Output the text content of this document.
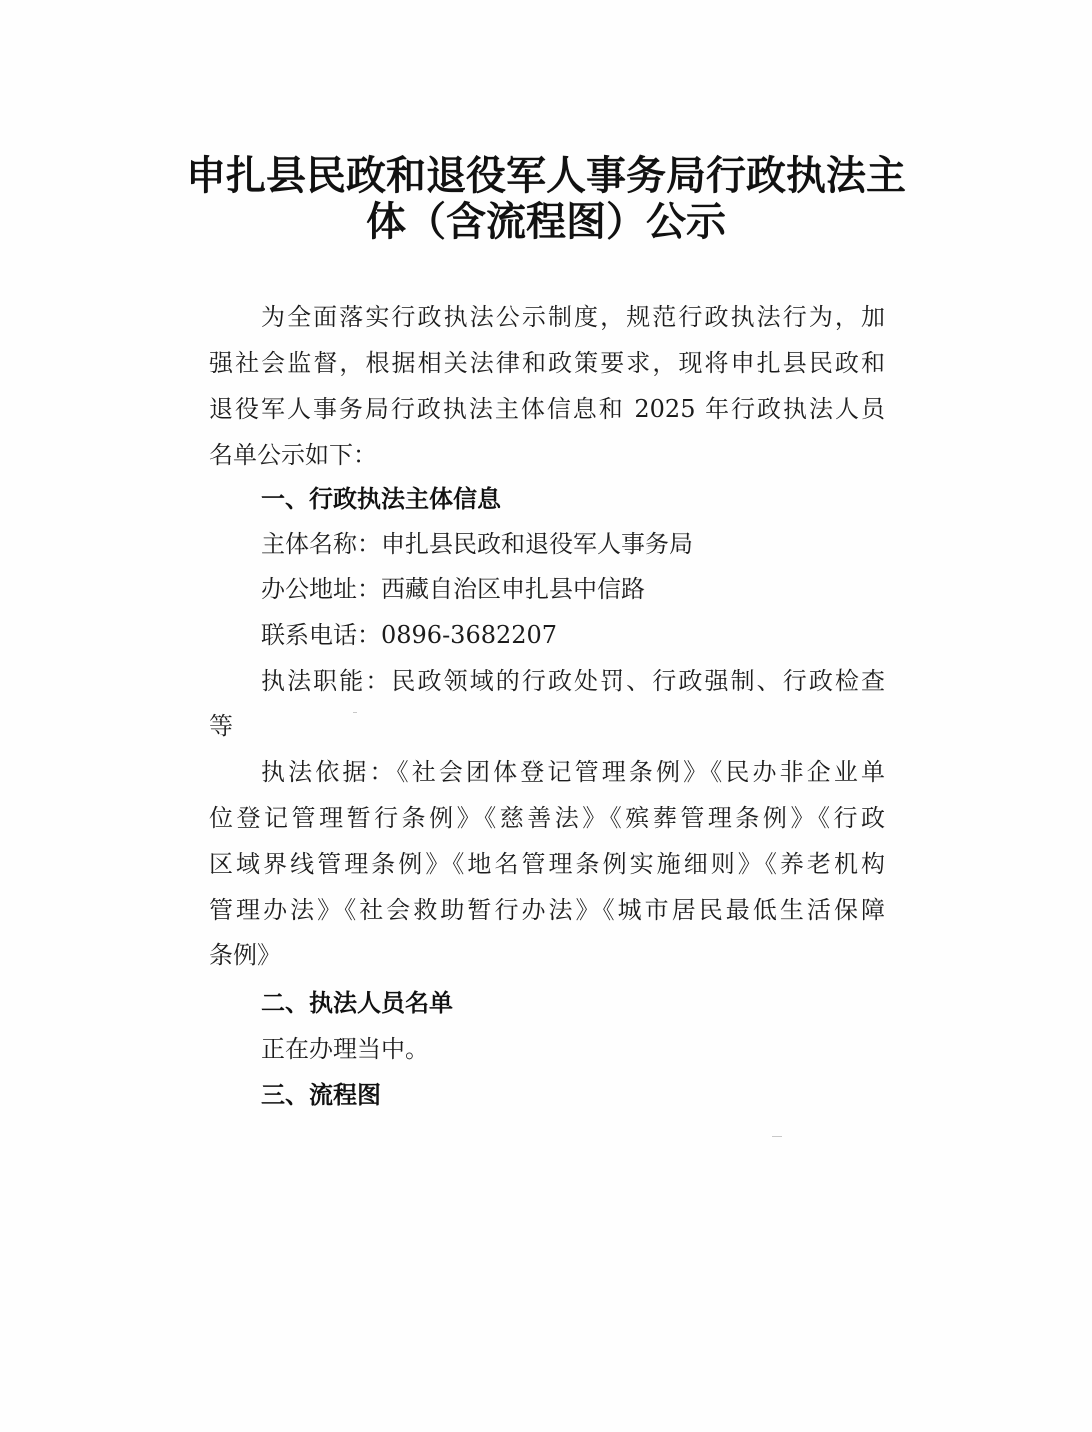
申扎县民政和退役军人事务局行政执法主
体（含流程图）公示
为全面落实行政执法公示制度，规范行政执法行为，加
强社会监督，根据相关法律和政策要求，现将申扎县民政和
退役军人事务局行政执法主体信息和 2025 年行政执法人员
名单公示如下：
一、行政执法主体信息
主体名称：申扎县民政和退役军人事务局
办公地址：西藏自治区申扎县中信路
联系电话：0896-3682207
执法职能：民政领域的行政处罚、行政强制、行政检查
等
执法依据：《社会团体登记管理条例》《民办非企业单
位登记管理暂行条例》《慈善法》《殡葬管理条例》《行政
区域界线管理条例》《地名管理条例实施细则》《养老机构
管理办法》《社会救助暂行办法》《城市居民最低生活保障
条例》
二、执法人员名单
正在办理当中。
三、流程图
